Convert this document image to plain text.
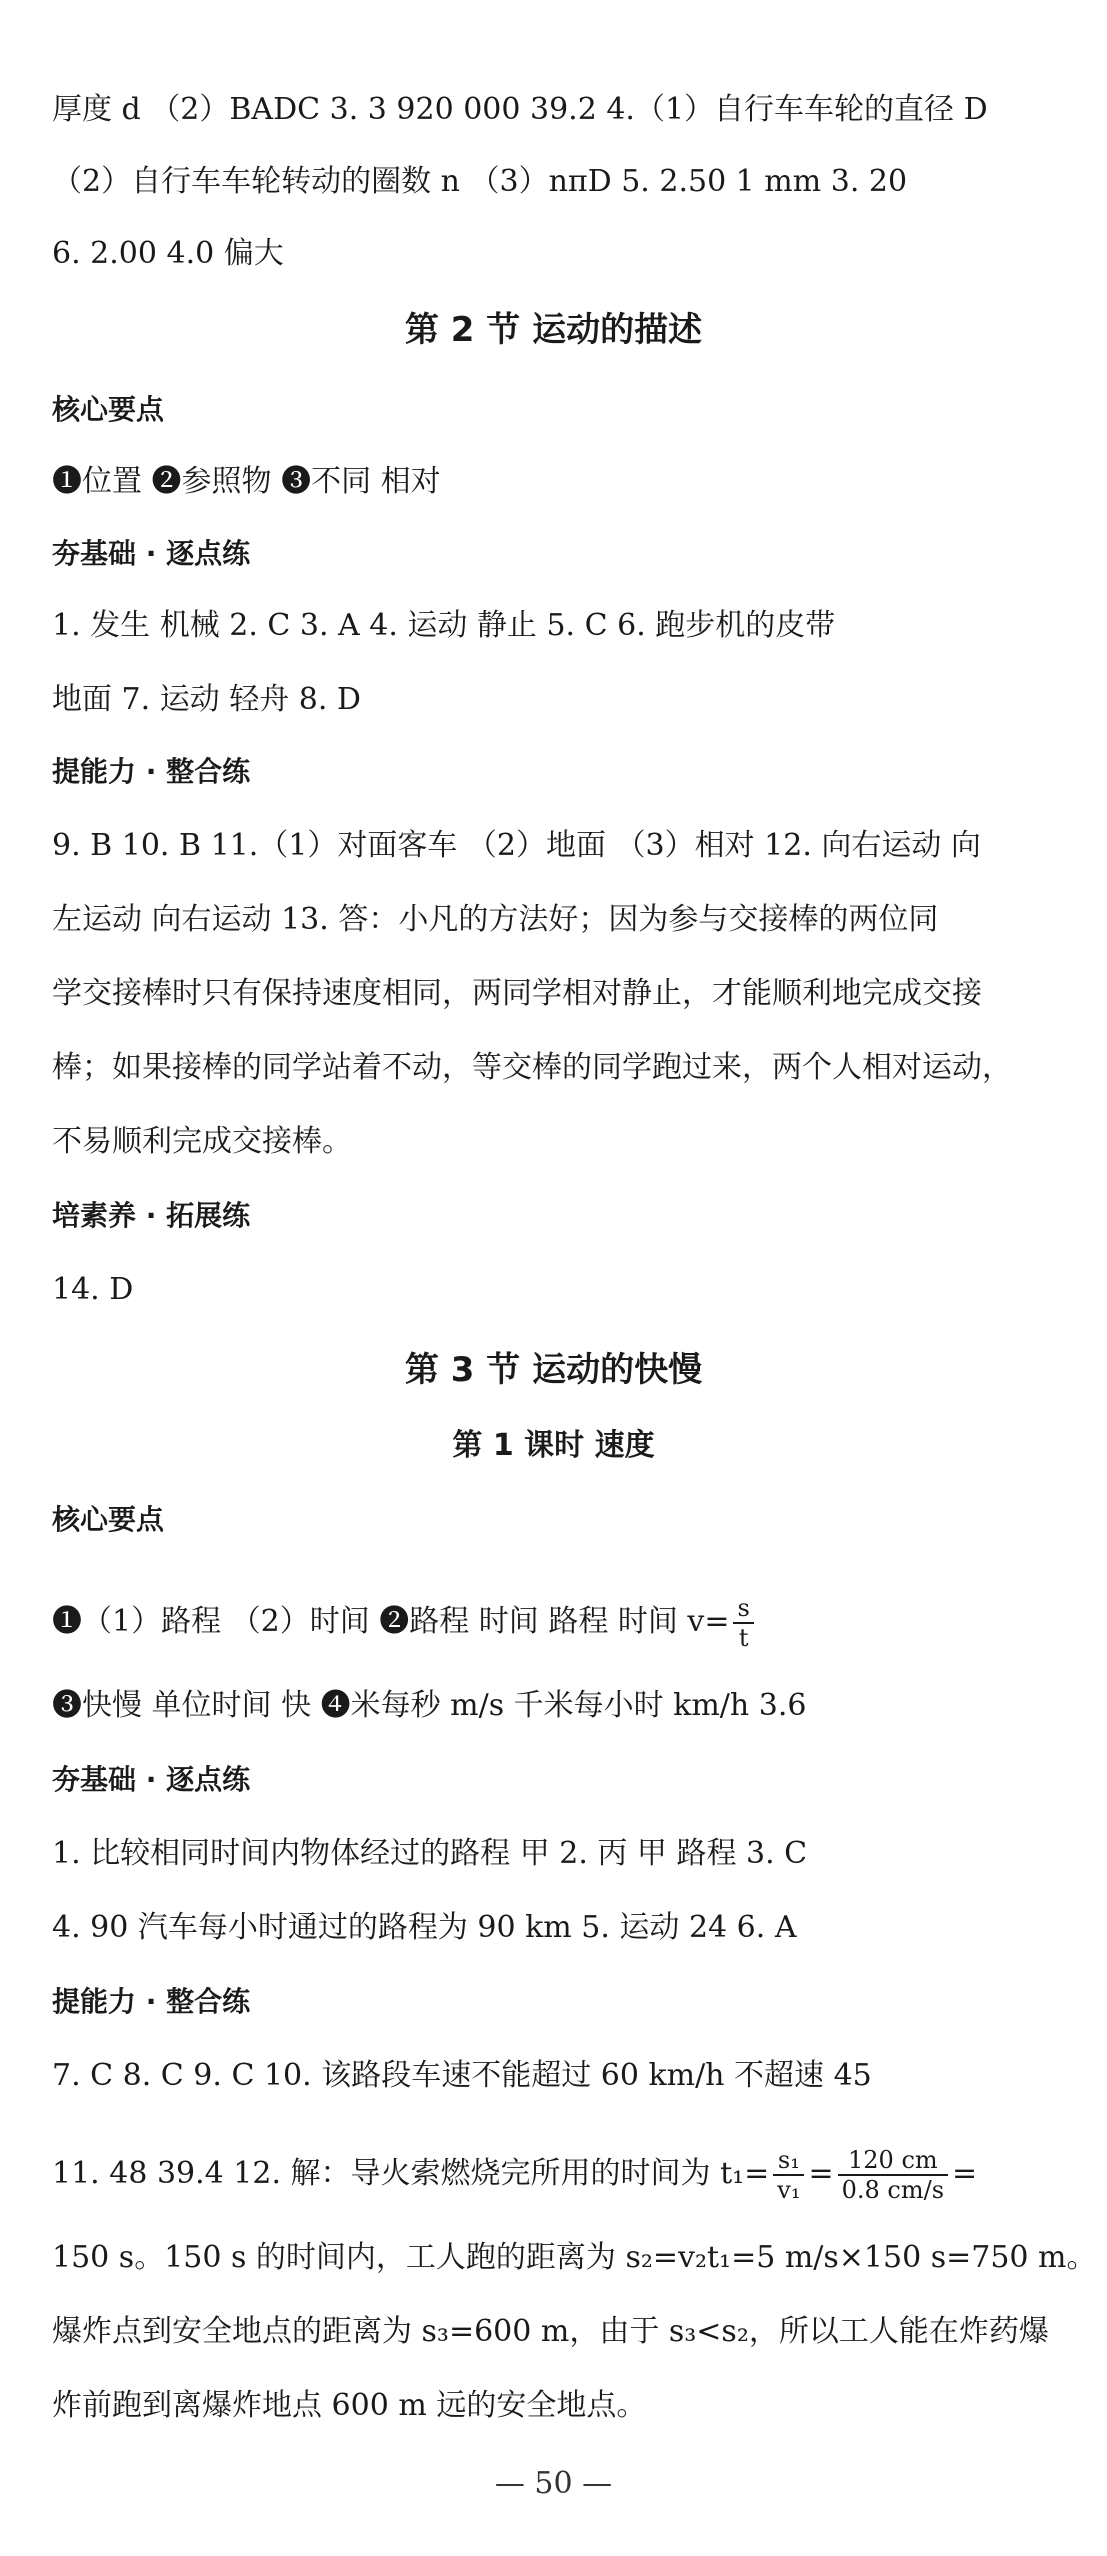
厚度 d （2）BADC 3. 3 920 000 39.2 4.（1）自行车车轮的直径 D
（2）自行车车轮转动的圈数 n （3）nπD 5. 2.50 1 mm 3. 20
6. 2.00 4.0 偏大
第 2 节 运动的描述
核心要点
❶位置 ❷参照物 ❸不同 相对
夯基础 · 逐点练
1. 发生 机械 2. C 3. A 4. 运动 静止 5. C 6. 跑步机的皮带
地面 7. 运动 轻舟 8. D
提能力 · 整合练
9. B 10. B 11.（1）对面客车 （2）地面 （3）相对 12. 向右运动 向
左运动 向右运动 13. 答：小凡的方法好；因为参与交接棒的两位同
学交接棒时只有保持速度相同，两同学相对静止，才能顺利地完成交接
棒；如果接棒的同学站着不动，等交棒的同学跑过来，两个人相对运动，
不易顺利完成交接棒。
培素养 · 拓展练
14. D
第 3 节 运动的快慢
第 1 课时 速度
核心要点
❶（1）路程 （2）时间 ❷路程 时间 路程 时间 $v= \frac{s}{t}$
❸快慢 单位时间 快 ❹米每秒 m/s 千米每小时 km/h 3.6
夯基础 · 逐点练
1. 比较相同时间内物体经过的路程 甲 2. 丙 甲 路程 3. C
4. 90 汽车每小时通过的路程为 90 km 5. 运动 24 6. A
提能力 · 整合练
7. C 8. C 9. C 10. 该路段车速不能超过 60 km/h 不超速 45
11. 48 39.4 12. 解：导火索燃烧完所用的时间为 $t_1= \frac{\text{s₁}}{\text{v₁}} = \frac{120 cm}{0.8 cm/s}$ =
150 s。150 s 的时间内，工人跑的距离为 s₂=v₂t₁=5 m/s×150 s=750 m。
爆炸点到安全地点的距离为 s₃=600 m，由于 s₃<s₂，所以工人能在炸药爆
炸前跑到离爆炸地点 600 m 远的安全地点。
— 50 —
